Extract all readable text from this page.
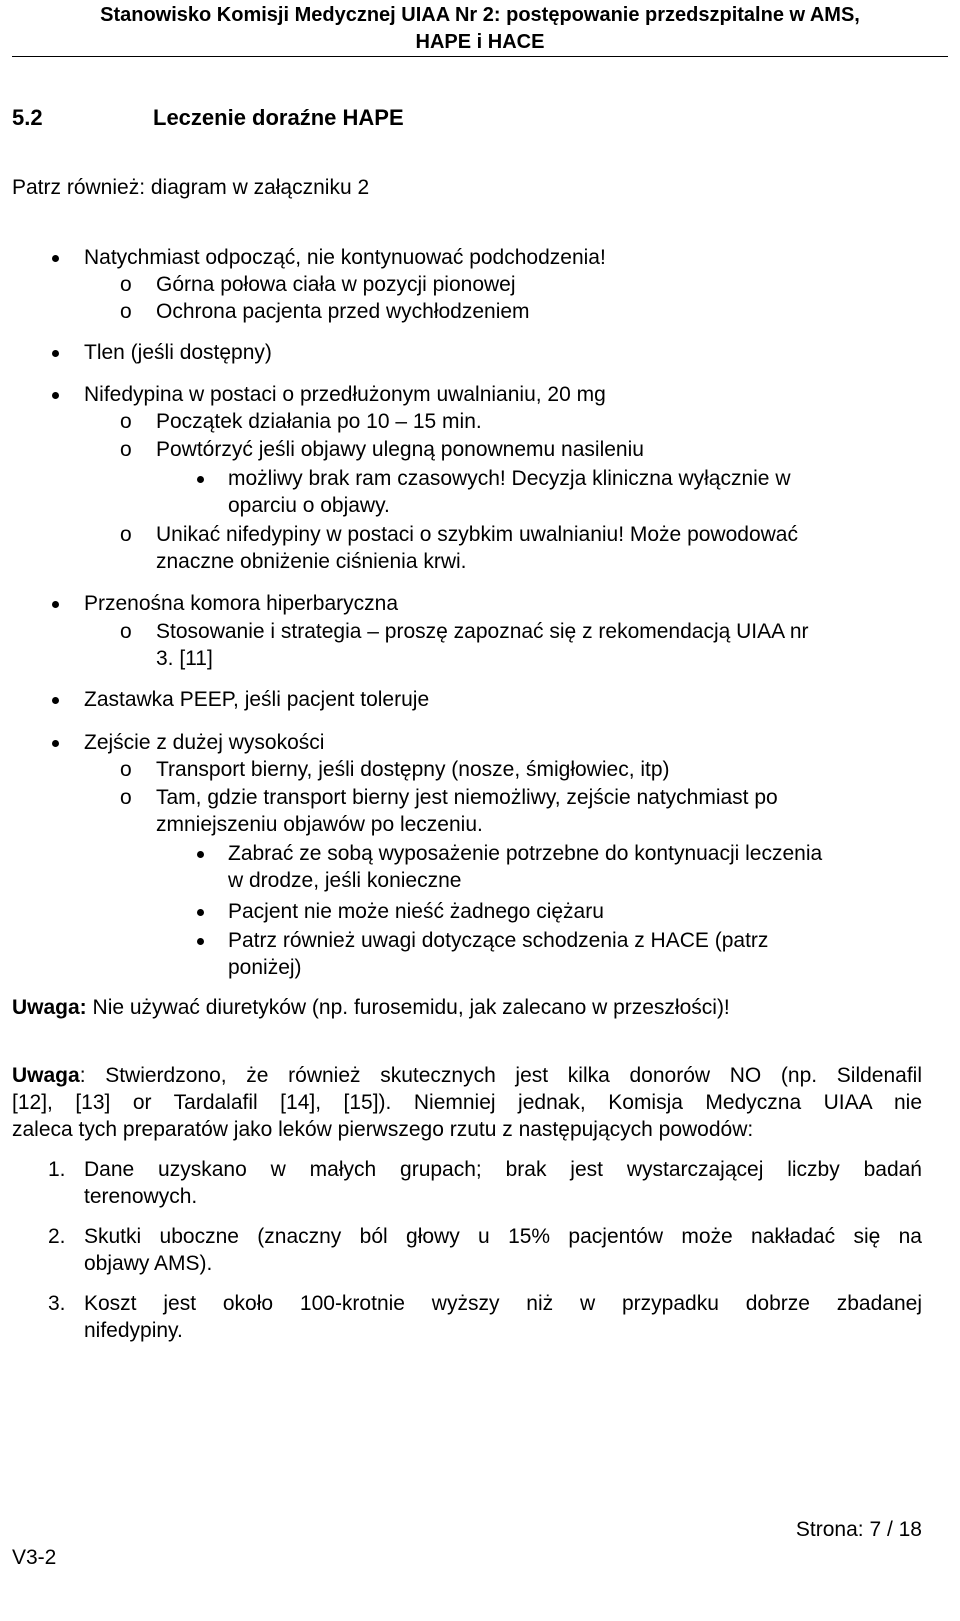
Stanowisko Komisji Medycznej UIAA Nr 2: postępowanie przedszpitalne w AMS,
HAPE i HACE
5.2	Leczenie doraźne HAPE
Patrz również: diagram w załączniku 2
Natychmiast odpocząć, nie kontynuować podchodzenia!
o Górna połowa ciała w pozycji pionowej
o Ochrona pacjenta przed wychłodzeniem
Tlen (jeśli dostępny)
Nifedypina w postaci o przedłużonym uwalnianiu, 20 mg
o Początek działania po 10 – 15 min.
o Powtórzyć jeśli objawy ulegną ponownemu nasileniu
możliwy brak ram czasowych! Decyzja kliniczna wyłącznie w
oparciu o objawy.
o Unikać nifedypiny w postaci o szybkim uwalnianiu! Może powodować
znaczne obniżenie ciśnienia krwi.
Przenośna komora hiperbaryczna
o Stosowanie i strategia – proszę zapoznać się z rekomendacją UIAA nr
3. [11]
Zastawka PEEP, jeśli pacjent toleruje
Zejście z dużej wysokości
o Transport bierny, jeśli dostępny (nosze, śmigłowiec, itp)
o Tam, gdzie transport bierny jest niemożliwy, zejście natychmiast po
zmniejszeniu objawów po leczeniu.
Zabrać ze sobą wyposażenie potrzebne do kontynuacji leczenia
w drodze, jeśli konieczne
Pacjent nie może nieść żadnego ciężaru
Patrz również uwagi dotyczące schodzenia z HACE (patrz
poniżej)
Uwaga: Nie używać diuretyków (np. furosemidu, jak zalecano w przeszłości)!
Uwaga: Stwierdzono, że również skutecznych jest kilka donorów NO (np. Sildenafil
[12], [13] or Tardalafil [14], [15]). Niemniej jednak, Komisja Medyczna UIAA nie
zaleca tych preparatów jako leków pierwszego rzutu z następujących powodów:
1. Dane uzyskano w małych grupach; brak jest wystarczającej liczby badań
terenowych.
2. Skutki uboczne (znaczny ból głowy u 15% pacjentów może nakładać się na
objawy AMS).
3. Koszt jest około 100-krotnie wyższy niż w przypadku dobrze zbadanej
nifedypiny.
Strona: 7 / 18
V3-2
